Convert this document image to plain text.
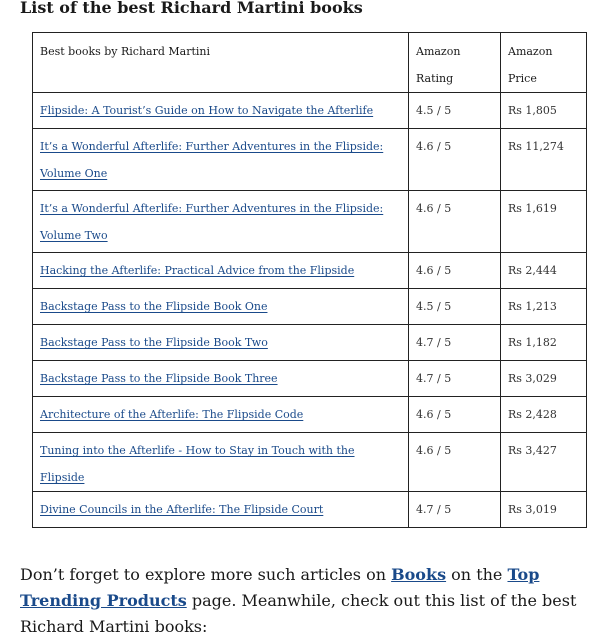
List of the best Richard Martini books
Best books by Richard Martini	Amazon Rating	Amazon Price
Flipside: A Tourist’s Guide on How to Navigate the Afterlife	4.5 / 5	Rs 1,805
It’s a Wonderful Afterlife: Further Adventures in the Flipside: Volume One	4.6 / 5	Rs 11,274
It’s a Wonderful Afterlife: Further Adventures in the Flipside: Volume Two	4.6 / 5	Rs 1,619
Hacking the Afterlife: Practical Advice from the Flipside	4.6 / 5	Rs 2,444
Backstage Pass to the Flipside Book One	4.5 / 5	Rs 1,213
Backstage Pass to the Flipside Book Two	4.7 / 5	Rs 1,182
Backstage Pass to the Flipside Book Three	4.7 / 5	Rs 3,029
Architecture of the Afterlife: The Flipside Code	4.6 / 5	Rs 2,428
Tuning into the Afterlife - How to Stay in Touch with the Flipside	4.6 / 5	Rs 3,427
Divine Councils in the Afterlife: The Flipside Court	4.7 / 5	Rs 3,019

Don’t forget to explore more such articles on Books on the Top Trending Products page. Meanwhile, check out this list of the best Richard Martini books:
